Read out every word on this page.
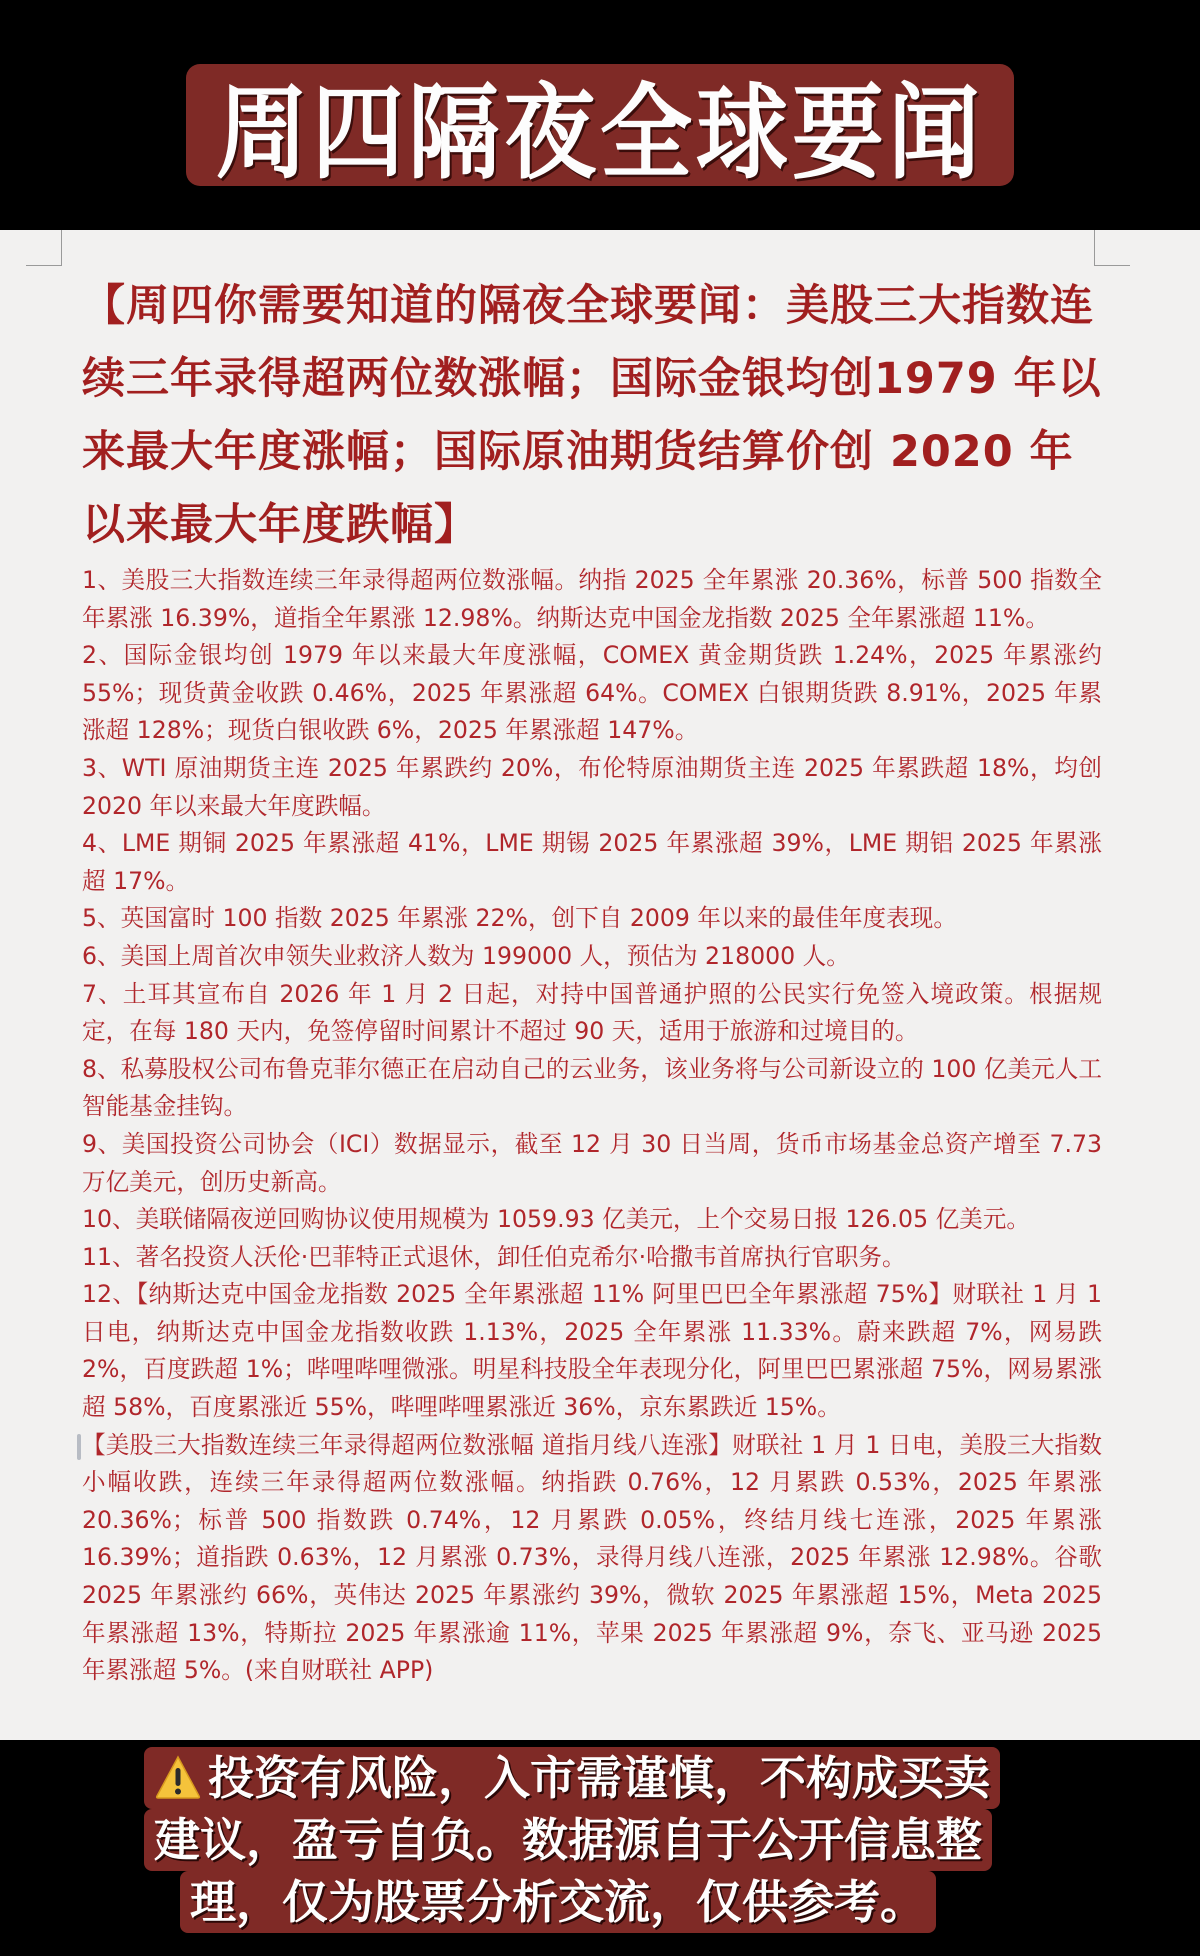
周四隔夜全球要闻
【周四你需要知道的隔夜全球要闻：美股三大指数连续三年录得超两位数涨幅；国际金银均创1979 年以来最大年度涨幅；国际原油期货结算价创 2020 年以来最大年度跌幅】
1、美股三大指数连续三年录得超两位数涨幅。纳指 2025 全年累涨 20.36%，标普 500 指数全年累涨 16.39%，道指全年累涨 12.98%。纳斯达克中国金龙指数 2025 全年累涨超 11%。
2、国际金银均创 1979 年以来最大年度涨幅，COMEX 黄金期货跌 1.24%，2025 年累涨约 55%；现货黄金收跌 0.46%，2025 年累涨超 64%。COMEX 白银期货跌 8.91%，2025 年累涨超 128%；现货白银收跌 6%，2025 年累涨超 147%。
3、WTI 原油期货主连 2025 年累跌约 20%，布伦特原油期货主连 2025 年累跌超 18%，均创 2020 年以来最大年度跌幅。
4、LME 期铜 2025 年累涨超 41%，LME 期锡 2025 年累涨超 39%，LME 期铝 2025 年累涨超 17%。
5、英国富时 100 指数 2025 年累涨 22%，创下自 2009 年以来的最佳年度表现。
6、美国上周首次申领失业救济人数为 199000 人，预估为 218000 人。
7、土耳其宣布自 2026 年 1 月 2 日起，对持中国普通护照的公民实行免签入境政策。根据规定，在每 180 天内，免签停留时间累计不超过 90 天，适用于旅游和过境目的。
8、私募股权公司布鲁克菲尔德正在启动自己的云业务，该业务将与公司新设立的 100 亿美元人工智能基金挂钩。
9、美国投资公司协会（ICI）数据显示，截至 12 月 30 日当周，货币市场基金总资产增至 7.73 万亿美元，创历史新高。
10、美联储隔夜逆回购协议使用规模为 1059.93 亿美元，上个交易日报 126.05 亿美元。
11、著名投资人沃伦·巴菲特正式退休，卸任伯克希尔·哈撒韦首席执行官职务。
12、【纳斯达克中国金龙指数 2025 全年累涨超 11% 阿里巴巴全年累涨超 75%】财联社 1 月 1 日电，纳斯达克中国金龙指数收跌 1.13%，2025 全年累涨 11.33%。蔚来跌超 7%，网易跌 2%，百度跌超 1%；哔哩哔哩微涨。明星科技股全年表现分化，阿里巴巴累涨超 75%，网易累涨超 58%，百度累涨近 55%，哔哩哔哩累涨近 36%，京东累跌近 15%。
【美股三大指数连续三年录得超两位数涨幅 道指月线八连涨】财联社 1 月 1 日电，美股三大指数小幅收跌，连续三年录得超两位数涨幅。纳指跌 0.76%，12 月累跌 0.53%，2025 年累涨 20.36%；标普 500 指数跌 0.74%，12 月累跌 0.05%，终结月线七连涨，2025 年累涨 16.39%；道指跌 0.63%，12 月累涨 0.73%，录得月线八连涨，2025 年累涨 12.98%。谷歌 2025 年累涨约 66%，英伟达 2025 年累涨约 39%，微软 2025 年累涨超 15%，Meta 2025 年累涨超 13%，特斯拉 2025 年累涨逾 11%，苹果 2025 年累涨超 9%，奈飞、亚马逊 2025 年累涨超 5%。(来自财联社 APP)
投资有风险，入市需谨慎，不构成买卖
建议，盈亏自负。数据源自于公开信息整
理，仅为股票分析交流，仅供参考。
